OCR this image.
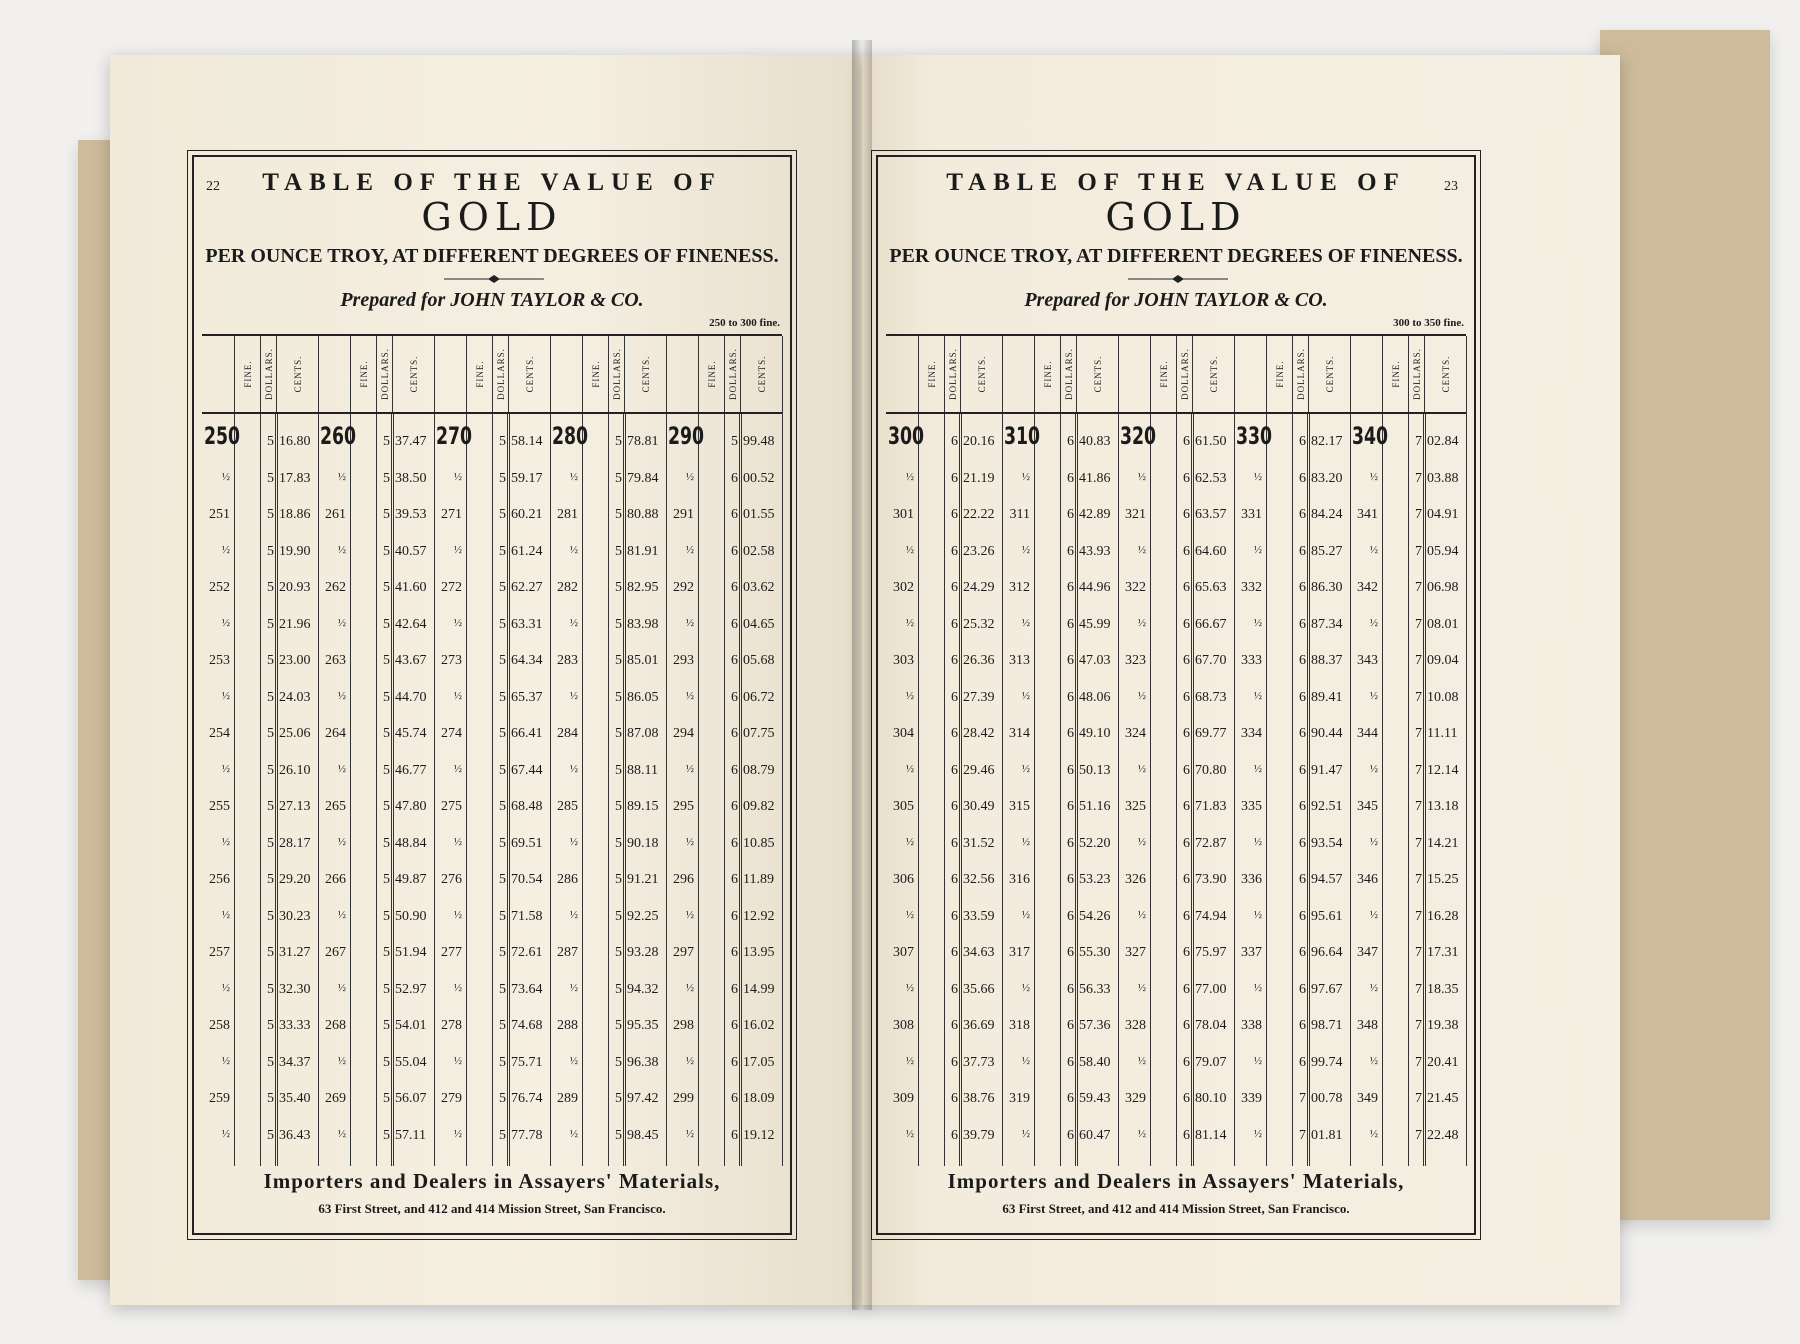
22	TABLE OF THE VALUE OF
GOLD
PER OUNCE TROY, AT DIFFERENT DEGREES OF FINENESS.
Prepared for JOHN TAYLOR & CO.
250 to 300 fine.
FINE. DOLLARS. CENTS.
250	5 16.80
½	5 17.83
251	5 18.86
½	5 19.90
252	5 20.93
½	5 21.96
253	5 23.00
½	5 24.03
254	5 25.06
½	5 26.10
255	5 27.13
½	5 28.17
256	5 29.20
½	5 30.23
257	5 31.27
½	5 32.30
258	5 33.33
½	5 34.37
259	5 35.40
½	5 36.43
FINE. DOLLARS. CENTS.
260	5 37.47
½	5 38.50
261	5 39.53
½	5 40.57
262	5 41.60
½	5 42.64
263	5 43.67
½	5 44.70
264	5 45.74
½	5 46.77
265	5 47.80
½	5 48.84
266	5 49.87
½	5 50.90
267	5 51.94
½	5 52.97
268	5 54.01
½	5 55.04
269	5 56.07
½	5 57.11
FINE. DOLLARS. CENTS.
270	5 58.14
½	5 59.17
271	5 60.21
½	5 61.24
272	5 62.27
½	5 63.31
273	5 64.34
½	5 65.37
274	5 66.41
½	5 67.44
275	5 68.48
½	5 69.51
276	5 70.54
½	5 71.58
277	5 72.61
½	5 73.64
278	5 74.68
½	5 75.71
279	5 76.74
½	5 77.78
FINE. DOLLARS. CENTS.
280	5 78.81
½	5 79.84
281	5 80.88
½	5 81.91
282	5 82.95
½	5 83.98
283	5 85.01
½	5 86.05
284	5 87.08
½	5 88.11
285	5 89.15
½	5 90.18
286	5 91.21
½	5 92.25
287	5 93.28
½	5 94.32
288	5 95.35
½	5 96.38
289	5 97.42
½	5 98.45
FINE. DOLLARS. CENTS.
290	5 99.48
½	6 00.52
291	6 01.55
½	6 02.58
292	6 03.62
½	6 04.65
293	6 05.68
½	6 06.72
294	6 07.75
½	6 08.79
295	6 09.82
½	6 10.85
296	6 11.89
½	6 12.92
297	6 13.95
½	6 14.99
298	6 16.02
½	6 17.05
299	6 18.09
½	6 19.12
Importers and Dealers in Assayers' Materials,
63 First Street, and 412 and 414 Mission Street, San Francisco.
23
TABLE OF THE VALUE OF
GOLD
PER OUNCE TROY, AT DIFFERENT DEGREES OF FINENESS.
Prepared for JOHN TAYLOR & CO.
300 to 350 fine.
FINE. DOLLARS. CENTS.
300	6 20.16
½	6 21.19
301	6 22.22
½	6 23.26
302	6 24.29
½	6 25.32
303	6 26.36
½	6 27.39
304	6 28.42
½	6 29.46
305	6 30.49
½	6 31.52
306	6 32.56
½	6 33.59
307	6 34.63
½	6 35.66
308	6 36.69
½	6 37.73
309	6 38.76
½	6 39.79
FINE. DOLLARS. CENTS.
310	6 40.83
½	6 41.86
311	6 42.89
½	6 43.93
312	6 44.96
½	6 45.99
313	6 47.03
½	6 48.06
314	6 49.10
½	6 50.13
315	6 51.16
½	6 52.20
316	6 53.23
½	6 54.26
317	6 55.30
½	6 56.33
318	6 57.36
½	6 58.40
319	6 59.43
½	6 60.47
FINE. DOLLARS. CENTS.
320	6 61.50
½	6 62.53
321	6 63.57
½	6 64.60
322	6 65.63
½	6 66.67
323	6 67.70
½	6 68.73
324	6 69.77
½	6 70.80
325	6 71.83
½	6 72.87
326	6 73.90
½	6 74.94
327	6 75.97
½	6 77.00
328	6 78.04
½	6 79.07
329	6 80.10
½	6 81.14
FINE. DOLLARS. CENTS.
330	6 82.17
½	6 83.20
331	6 84.24
½	6 85.27
332	6 86.30
½	6 87.34
333	6 88.37
½	6 89.41
334	6 90.44
½	6 91.47
335	6 92.51
½	6 93.54
336	6 94.57
½	6 95.61
337	6 96.64
½	6 97.67
338	6 98.71
½	6 99.74
339	7 00.78
½	7 01.81
FINE. DOLLARS. CENTS.
340	7 02.84
½	7 03.88
341	7 04.91
½	7 05.94
342	7 06.98
½	7 08.01
343	7 09.04
½	7 10.08
344	7 11.11
½	7 12.14
345	7 13.18
½	7 14.21
346	7 15.25
½	7 16.28
347	7 17.31
½	7 18.35
348	7 19.38
½	7 20.41
349	7 21.45
½	7 22.48
Importers and Dealers in Assayers' Materials,
63 First Street, and 412 and 414 Mission Street, San Francisco.
